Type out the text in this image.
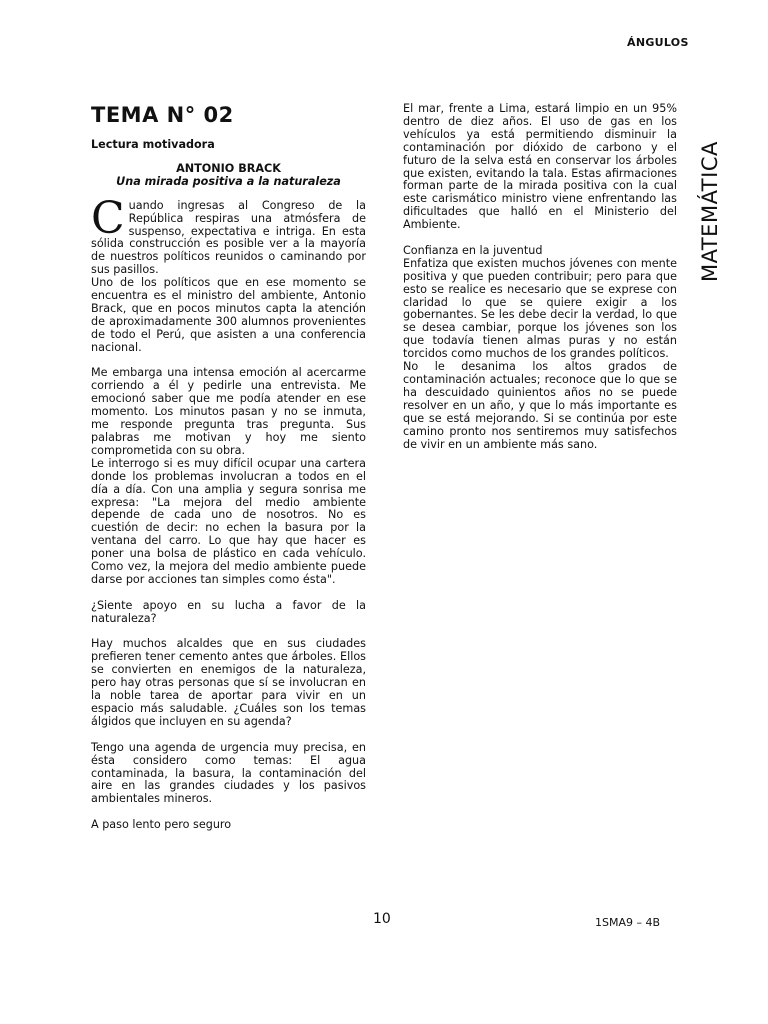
ÁNGULOS
MATEMÁTICA
TEMA N° 02

Lectura motivadora

ANTONIO BRACK

Una mirada positiva a la naturaleza

Cuando ingresas al Congreso de la República respiras una atmósfera de suspenso, expectativa e intriga. En esta sólida construcción es posible ver a la mayoría de nuestros políticos reunidos o caminando por sus pasillos.

Uno de los políticos que en ese momento se encuentra es el ministro del ambiente, Antonio Brack, que en pocos minutos capta la atención de aproximadamente 300 alumnos provenientes de todo el Perú, que asisten a una conferencia nacional.

Me embarga una intensa emoción al acercarme corriendo a él y pedirle una entrevista. Me emocionó saber que me podía atender en ese momento. Los minutos pasan y no se inmuta, me responde pregunta tras pregunta. Sus palabras me motivan y hoy me siento comprometida con su obra.

Le interrogo si es muy difícil ocupar una cartera donde los problemas involucran a todos en el día a día. Con una amplia y segura sonrisa me expresa: "La mejora del medio ambiente depende de cada uno de nosotros. No es cuestión de decir: no echen la basura por la ventana del carro. Lo que hay que hacer es poner una bolsa de plástico en cada vehículo. Como vez, la mejora del medio ambiente puede darse por acciones tan simples como ésta".

¿Siente apoyo en su lucha a favor de la naturaleza?

Hay muchos alcaldes que en sus ciudades prefieren tener cemento antes que árboles. Ellos se convierten en enemigos de la naturaleza, pero hay otras personas que sí se involucran en la noble tarea de aportar para vivir en un espacio más saludable. ¿Cuáles son los temas álgidos que incluyen en su agenda?

Tengo una agenda de urgencia muy precisa, en ésta considero como temas: El agua contaminada, la basura, la contaminación del aire en las grandes ciudades y los pasivos ambientales mineros.

A paso lento pero seguro

El mar, frente a Lima, estará limpio en un 95% dentro de diez años. El uso de gas en los vehículos ya está permitiendo disminuir la contaminación por dióxido de carbono y el futuro de la selva está en conservar los árboles que existen, evitando la tala. Estas afirmaciones forman parte de la mirada positiva con la cual este carismático ministro viene enfrentando las dificultades que halló en el Ministerio del Ambiente.

Confianza en la juventud

Enfatiza que existen muchos jóvenes con mente positiva y que pueden contribuir; pero para que esto se realice es necesario que se exprese con claridad lo que se quiere exigir a los gobernantes. Se les debe decir la verdad, lo que se desea cambiar, porque los jóvenes son los que todavía tienen almas puras y no están torcidos como muchos de los grandes políticos.

No le desanima los altos grados de contaminación actuales; reconoce que lo que se ha descuidado quinientos años no se puede resolver en un año, y que lo más importante es que se está mejorando. Si se continúa por este camino pronto nos sentiremos muy satisfechos de vivir en un ambiente más sano.

10	1SMA9 – 4B
